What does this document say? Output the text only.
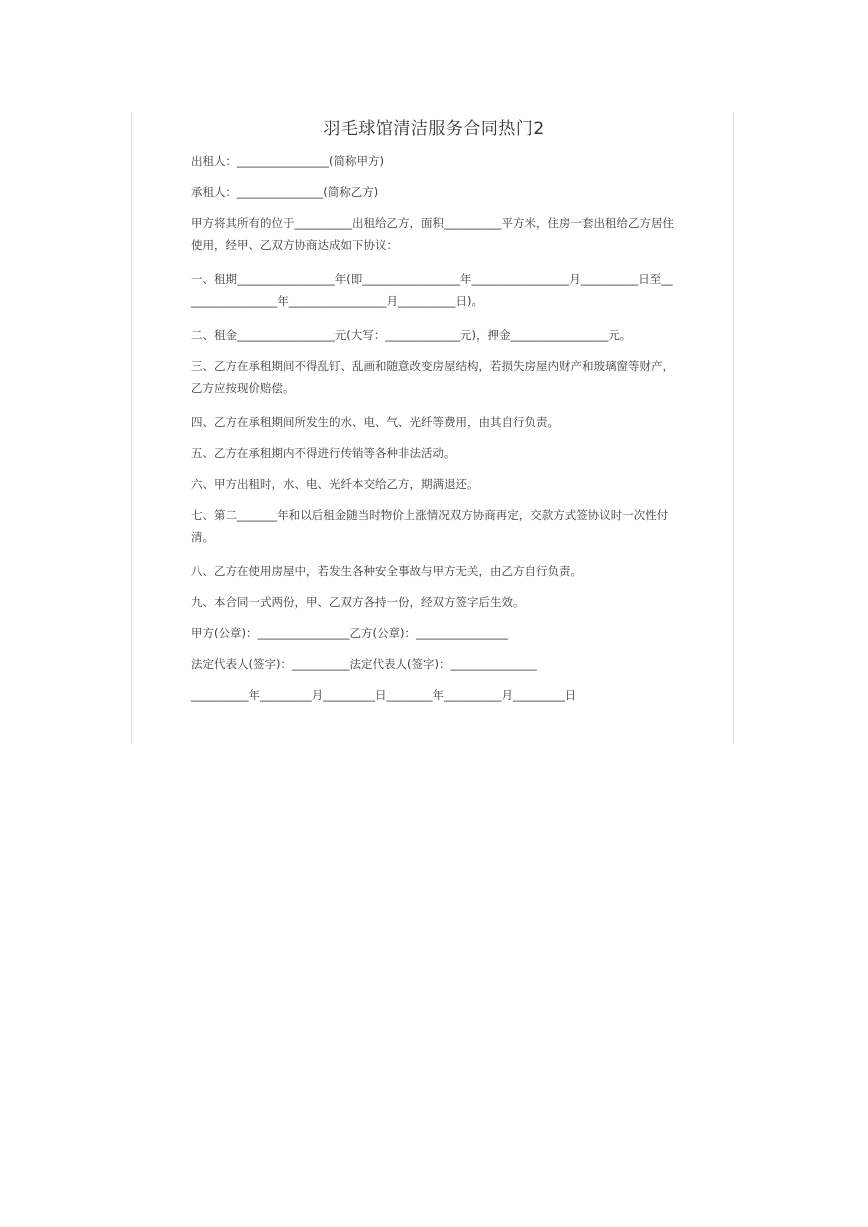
羽毛球馆清洁服务合同热门2

出租人：________________(简称甲方)

承租人：_______________(简称乙方)

甲方将其所有的位于__________出租给乙方，面积__________平方米，住房一套出租给乙方居住使用，经甲、乙双方协商达成如下协议：

一、租期_________________年(即_________________年_________________月__________日至_________________年_________________月__________日)。

二、租金_________________元(大写：_____________元)，押金_________________元。

三、乙方在承租期间不得乱钉、乱画和随意改变房屋结构，若损失房屋内财产和玻璃窗等财产，乙方应按现价赔偿。

四、乙方在承租期间所发生的水、电、气、光纤等费用，由其自行负责。

五、乙方在承租期内不得进行传销等各种非法活动。

六、甲方出租时，水、电、光纤本交给乙方，期满退还。

七、第二_______年和以后租金随当时物价上涨情况双方协商再定，交款方式签协议时一次性付清。

八、乙方在使用房屋中，若发生各种安全事故与甲方无关，由乙方自行负责。

九、本合同一式两份，甲、乙双方各持一份，经双方签字后生效。

甲方(公章)：________________乙方(公章)：________________

法定代表人(签字)：__________法定代表人(签字)：_______________

__________年_________月_________日________年__________月_________日
